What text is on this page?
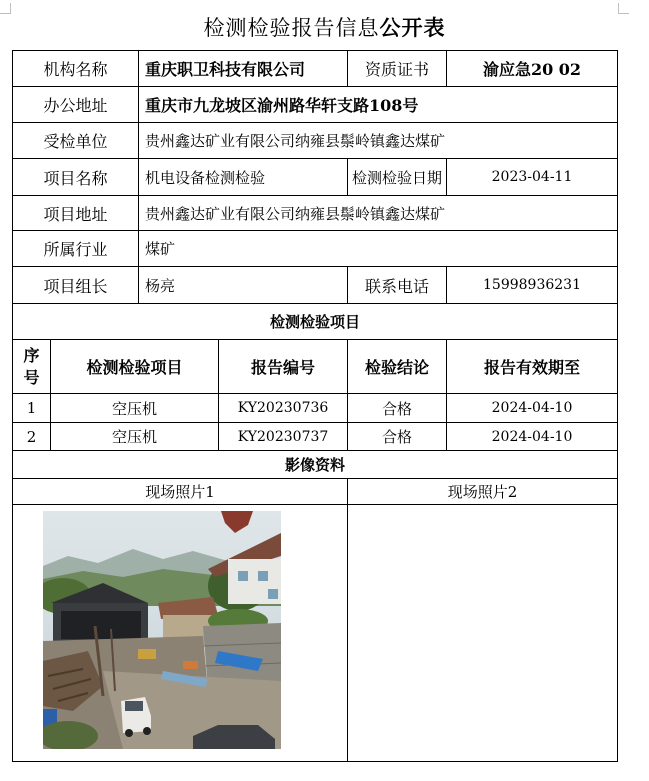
检测检验报告信息公开表
机构名称		重庆职卫科技有限公司		资质证书	渝应急20 02
办公地址		重庆市九龙坡区渝州路华轩支路108号			
受检单位		贵州鑫达矿业有限公司纳雍县鬃岭镇鑫达煤矿			
项目名称		机电设备检测检验		检测检验日期	2023-04-11
项目地址		贵州鑫达矿业有限公司纳雍县鬃岭镇鑫达煤矿			
所属行业		煤矿			
项目组长		杨亮		联系电话	15998936231
检测检验项目					

序
号	检测检验项目		报告编号	检验结论	报告有效期至
1	空压机		KY20230736	合格	2024-04-10
2	空压机		KY20230737	合格	2024-04-10
影像资料					
现场照片1				现场照片2	
